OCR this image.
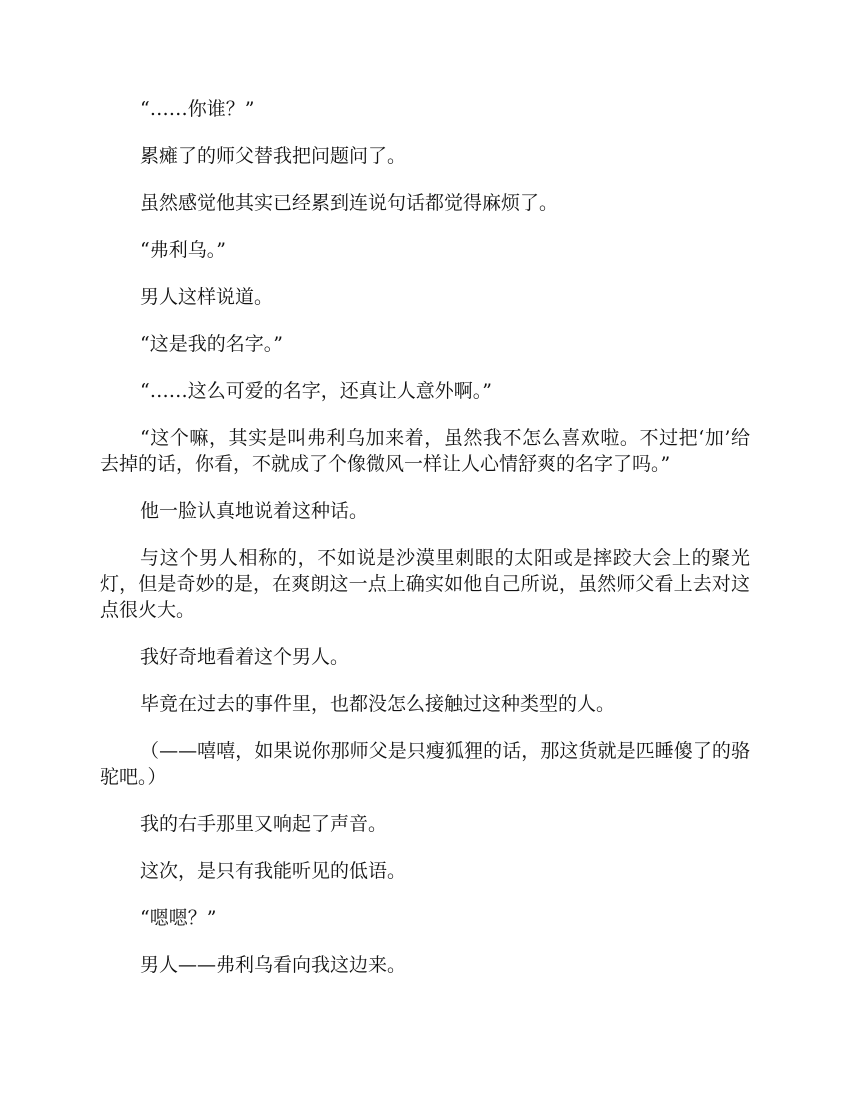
“……你谁？”

累瘫了的师父替我把问题问了。

虽然感觉他其实已经累到连说句话都觉得麻烦了。

“弗利乌。”

男人这样说道。

“这是我的名字。”

“……这么可爱的名字，还真让人意外啊。”

“这个嘛，其实是叫弗利乌加来着，虽然我不怎么喜欢啦。不过把‘加’给去掉的话，你看，不就成了个像微风一样让人心情舒爽的名字了吗。”

他一脸认真地说着这种话。

与这个男人相称的，不如说是沙漠里刺眼的太阳或是摔跤大会上的聚光灯，但是奇妙的是，在爽朗这一点上确实如他自己所说，虽然师父看上去对这点很火大。

我好奇地看着这个男人。

毕竟在过去的事件里，也都没怎么接触过这种类型的人。

（——嘻嘻，如果说你那师父是只瘦狐狸的话，那这货就是匹睡傻了的骆驼吧。）

我的右手那里又响起了声音。

这次，是只有我能听见的低语。

“嗯嗯？”

男人——弗利乌看向我这边来。
